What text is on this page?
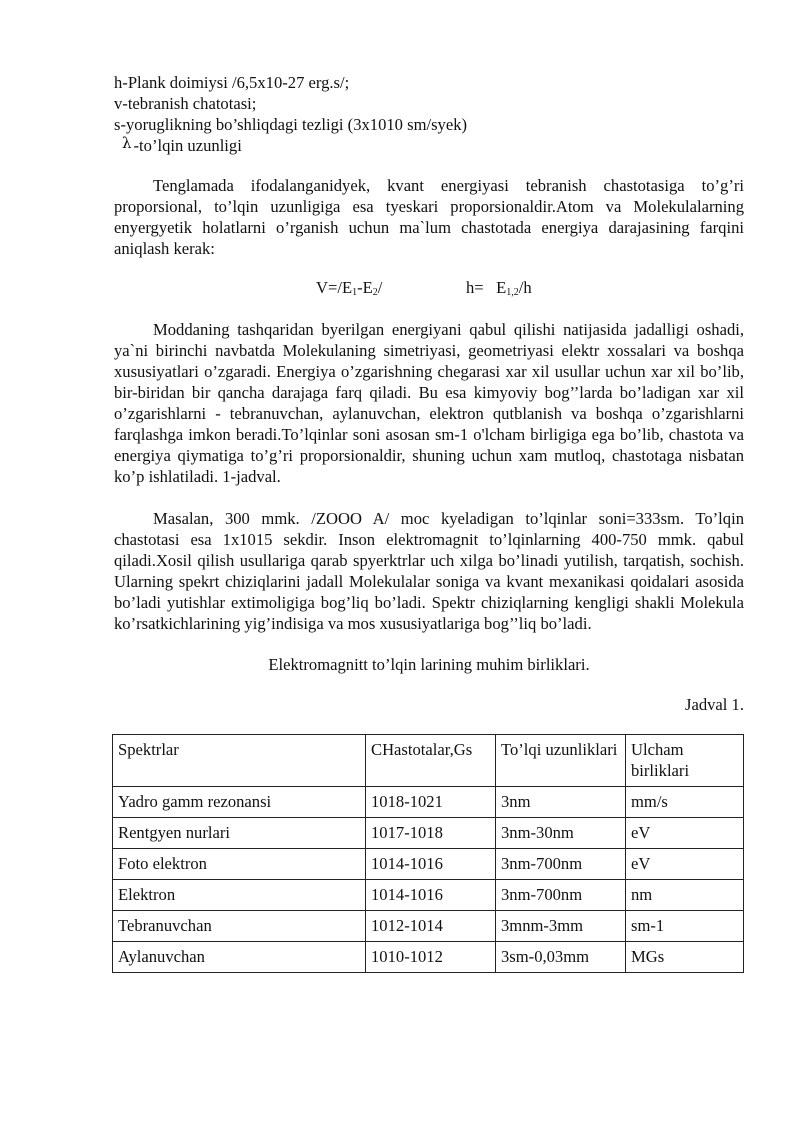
h-Plank doimiysi /6,5x10-27 erg.s/;

v-tebranish chatotasi;

s-yoruglikning bo’shliqdagi tezligi (3x1010 sm/syek)

λ -to’lqin uzunligi

Tenglamada ifodalanganidyek, kvant energiyasi tebranish chastotasiga to’g’ri proporsional, to’lqin uzunligiga esa tyeskari proporsionaldir.Atom va Molekulalarning enyergyetik holatlarni o’rganish uchun ma`lum chastotada energiya darajasining farqini aniqlash kerak:

$V=/E_1-E_2/$	$h= E_{1,2}/h$

Moddaning tashqaridan byerilgan energiyani qabul qilishi natijasida jadalligi oshadi, ya`ni birinchi navbatda Molekulaning simetriyasi, geometriyasi elektr xossalari va boshqa xususiyatlari o’zgaradi. Energiya o’zgarishning chegarasi xar xil usullar uchun xar xil bo’lib, bir-biridan bir qancha darajaga farq qiladi. Bu esa kimyoviy bog’’larda bo’ladigan xar xil o’zgarishlarni - tebranuvchan, aylanuvchan, elektron qutblanish va boshqa o’zgarishlarni farqlashga imkon beradi.To’lqinlar soni asosan sm-1 o'lcham birligiga ega bo’lib, chastota va energiya qiymatiga to’g’ri proporsionaldir, shuning uchun xam mutloq, chastotaga nisbatan ko’p ishlatiladi. 1-jadval.

Masalan, 300 mmk. /ZOOO A/ moc kyeladigan to’lqinlar soni=333sm. To’lqin chastotasi esa 1x1015 sekdir. Inson elektromagnit to’lqinlarning 400-750 mmk. qabul qiladi.Xosil qilish usullariga qarab spyerktrlar uch xilga bo’linadi yutilish, tarqatish, sochish. Ularning spekrt chiziqlarini jadall Molekulalar soniga va kvant mexanikasi qoidalari asosida bo’ladi yutishlar extimoligiga bog’liq bo’ladi. Spektr chiziqlarning kengligi shakli Molekula ko’rsatkichlarining yig’indisiga va mos xususiyatlariga bog’’liq bo’ladi.

Elektromagnitt to’lqin larining muhim birliklari.

Jadval 1.

Spektrlar	CHastotalar,Gs	To’lqi uzunliklari	Ulcham birliklari
Yadro gamm rezonansi	1018-1021	3nm	mm/s
Rentgyen nurlari	1017-1018	3nm-30nm	eV
Foto elektron	1014-1016	3nm-700nm	eV
Elektron	1014-1016	3nm-700nm	nm
Tebranuvchan	1012-1014	3mnm-3mm	sm-1
Aylanuvchan	1010-1012	3sm-0,03mm	MGs
